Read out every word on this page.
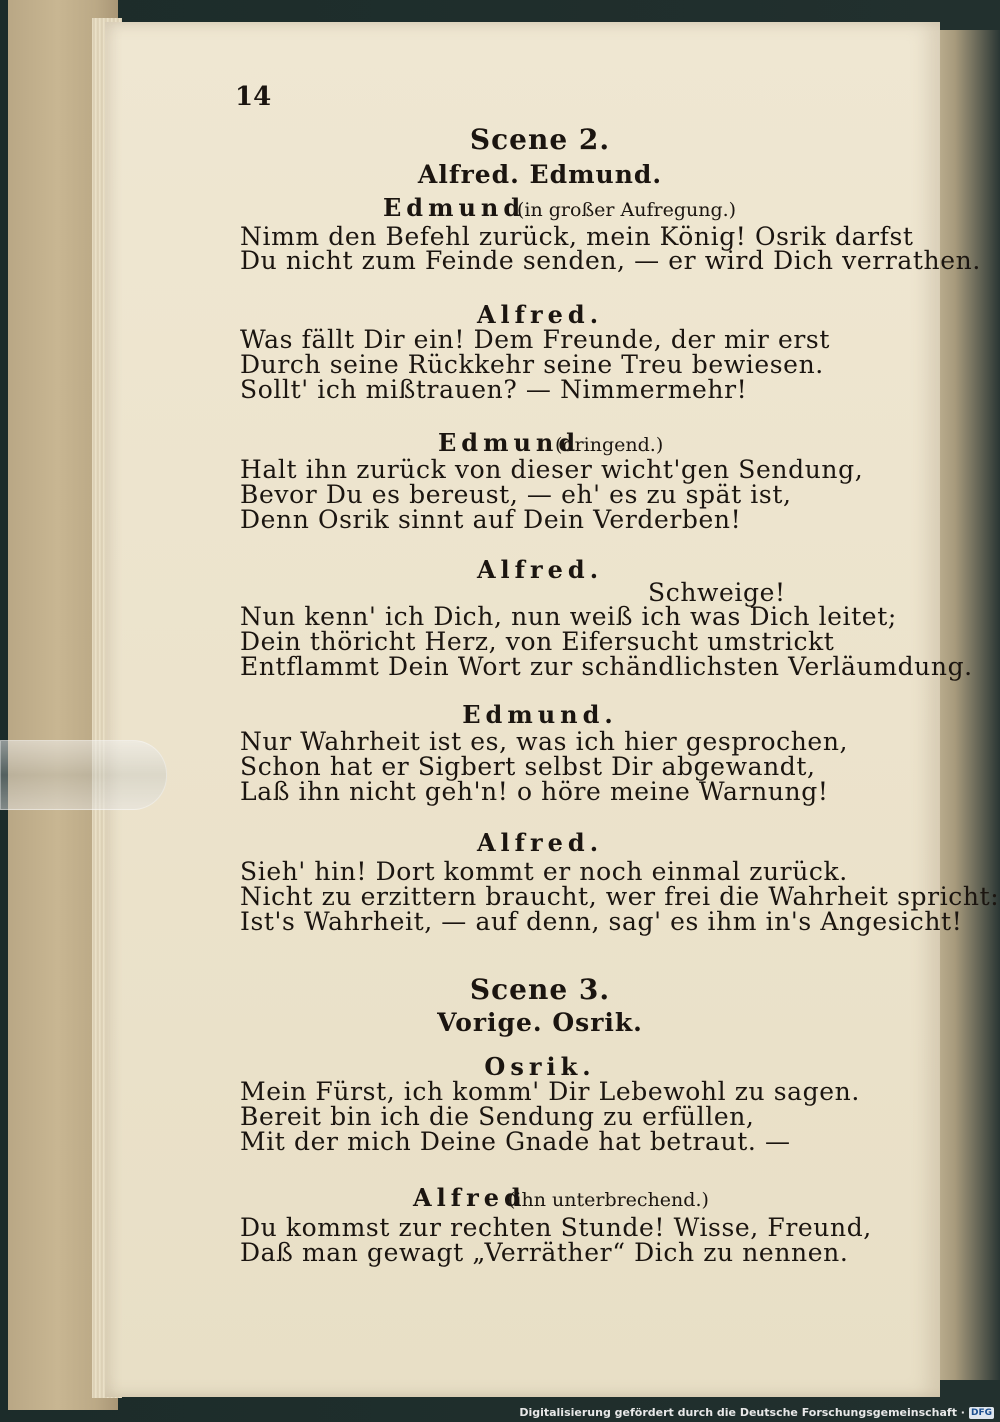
14
Scene 2.
Alfred. Edmund.
Edmund
(in großer Aufregung.)
Nimm den Befehl zurück, mein König! Osrik darfst
Du nicht zum Feinde senden, — er wird Dich verrathen.
Alfred.
Was fällt Dir ein! Dem Freunde, der mir erst
Durch seine Rückkehr seine Treu bewiesen.
Sollt' ich mißtrauen? — Nimmermehr!
Edmund
(dringend.)
Halt ihn zurück von dieser wicht'gen Sendung,
Bevor Du es bereust, — eh' es zu spät ist,
Denn Osrik sinnt auf Dein Verderben!
Alfred.
Schweige!
Nun kenn' ich Dich, nun weiß ich was Dich leitet;
Dein thöricht Herz, von Eifersucht umstrickt
Entflammt Dein Wort zur schändlichsten Verläumdung.
Edmund.
Nur Wahrheit ist es, was ich hier gesprochen,
Schon hat er Sigbert selbst Dir abgewandt,
Laß ihn nicht geh'n! o höre meine Warnung!
Alfred.
Sieh' hin! Dort kommt er noch einmal zurück.
Nicht zu erzittern braucht, wer frei die Wahrheit spricht:
Ist's Wahrheit, — auf denn, sag' es ihm in's Angesicht!
Scene 3.
Vorige. Osrik.
Osrik.
Mein Fürst, ich komm' Dir Lebewohl zu sagen.
Bereit bin ich die Sendung zu erfüllen,
Mit der mich Deine Gnade hat betraut. —
Alfred
(ihn unterbrechend.)
Du kommst zur rechten Stunde! Wisse, Freund,
Daß man gewagt „Verräther“ Dich zu nennen.
Digitalisierung gefördert durch die Deutsche Forschungsgemeinschaft · DFG
